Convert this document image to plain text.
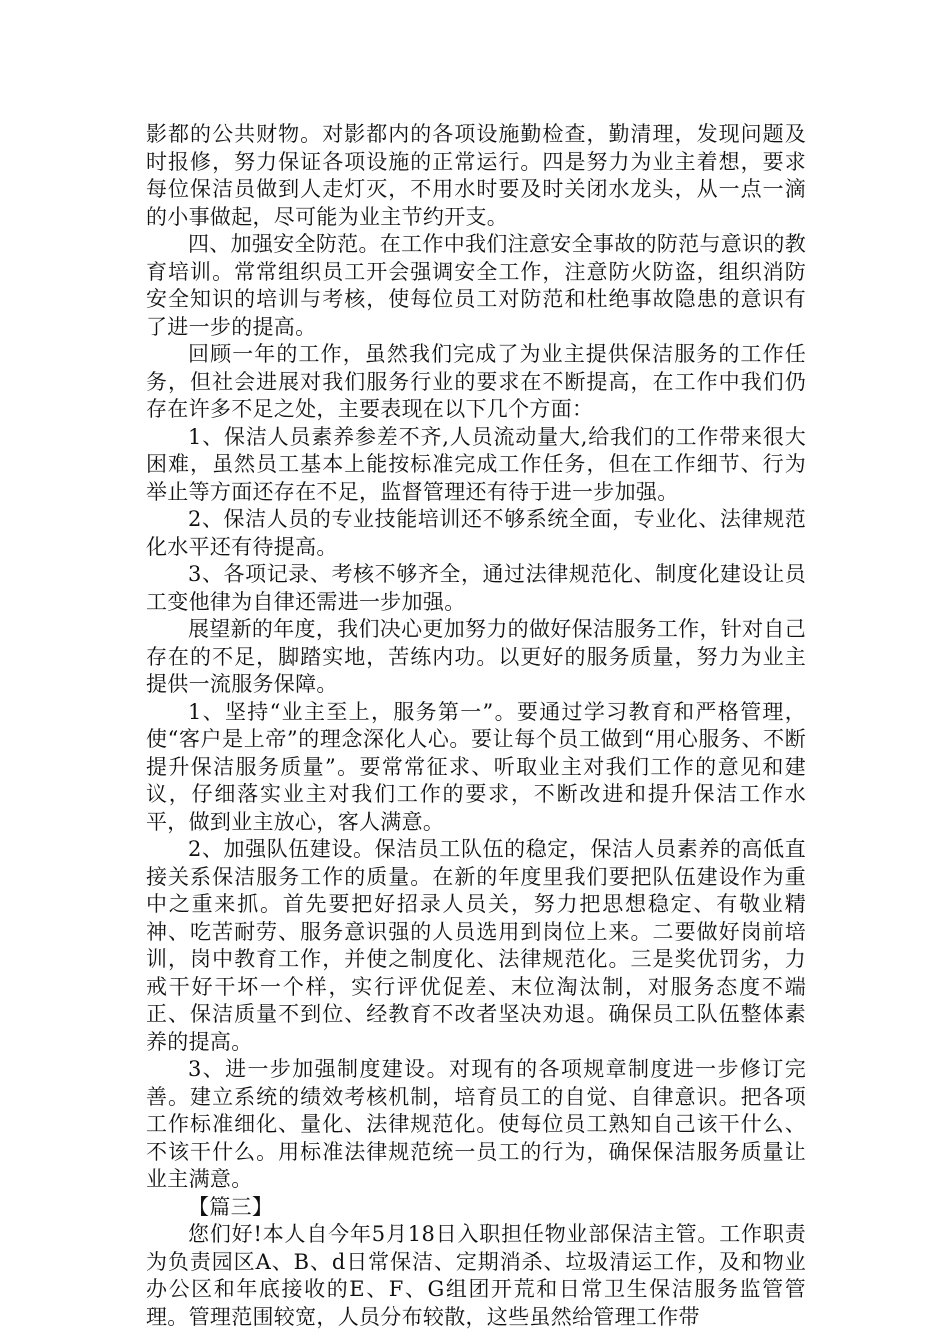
影都的公共财物。对影都内的各项设施勤检查，勤清理，发现问题及时报修，努力保证各项设施的正常运行。四是努力为业主着想，要求每位保洁员做到人走灯灭，不用水时要及时关闭水龙头，从一点一滴的小事做起，尽可能为业主节约开支。

四、加强安全防范。在工作中我们注意安全事故的防范与意识的教育培训。常常组织员工开会强调安全工作，注意防火防盗，组织消防安全知识的培训与考核，使每位员工对防范和杜绝事故隐患的意识有了进一步的提高。

回顾一年的工作，虽然我们完成了为业主提供保洁服务的工作任务，但社会进展对我们服务行业的要求在不断提高，在工作中我们仍存在许多不足之处，主要表现在以下几个方面：

1、保洁人员素养参差不齐,人员流动量大,给我们的工作带来很大困难，虽然员工基本上能按标准完成工作任务，但在工作细节、行为举止等方面还存在不足，监督管理还有待于进一步加强。

2、保洁人员的专业技能培训还不够系统全面，专业化、法律规范化水平还有待提高。

3、各项记录、考核不够齐全，通过法律规范化、制度化建设让员工变他律为自律还需进一步加强。

展望新的年度，我们决心更加努力的做好保洁服务工作，针对自己存在的不足，脚踏实地，苦练内功。以更好的服务质量，努力为业主提供一流服务保障。

1、坚持“业主至上，服务第一”。要通过学习教育和严格管理，使“客户是上帝”的理念深化人心。要让每个员工做到“用心服务、不断提升保洁服务质量”。要常常征求、听取业主对我们工作的意见和建议，仔细落实业主对我们工作的要求，不断改进和提升保洁工作水平，做到业主放心，客人满意。

2、加强队伍建设。保洁员工队伍的稳定，保洁人员素养的高低直接关系保洁服务工作的质量。在新的年度里我们要把队伍建设作为重中之重来抓。首先要把好招录人员关，努力把思想稳定、有敬业精神、吃苦耐劳、服务意识强的人员选用到岗位上来。二要做好岗前培训，岗中教育工作，并使之制度化、法律规范化。三是奖优罚劣，力戒干好干坏一个样，实行评优促差、末位淘汰制，对服务态度不端正、保洁质量不到位、经教育不改者坚决劝退。确保员工队伍整体素养的提高。

3、进一步加强制度建设。对现有的各项规章制度进一步修订完善。建立系统的绩效考核机制，培育员工的自觉、自律意识。把各项工作标准细化、量化、法律规范化。使每位员工熟知自己该干什么、不该干什么。用标准法律规范统一员工的行为，确保保洁服务质量让业主满意。

【篇三】

您们好!本人自今年5月18日入职担任物业部保洁主管。工作职责为负责园区A、B、d日常保洁、定期消杀、垃圾清运工作，及和物业办公区和年底接收的E、F、G组团开荒和日常卫生保洁服务监管管理。管理范围较宽，人员分布较散，这些虽然给管理工作带
